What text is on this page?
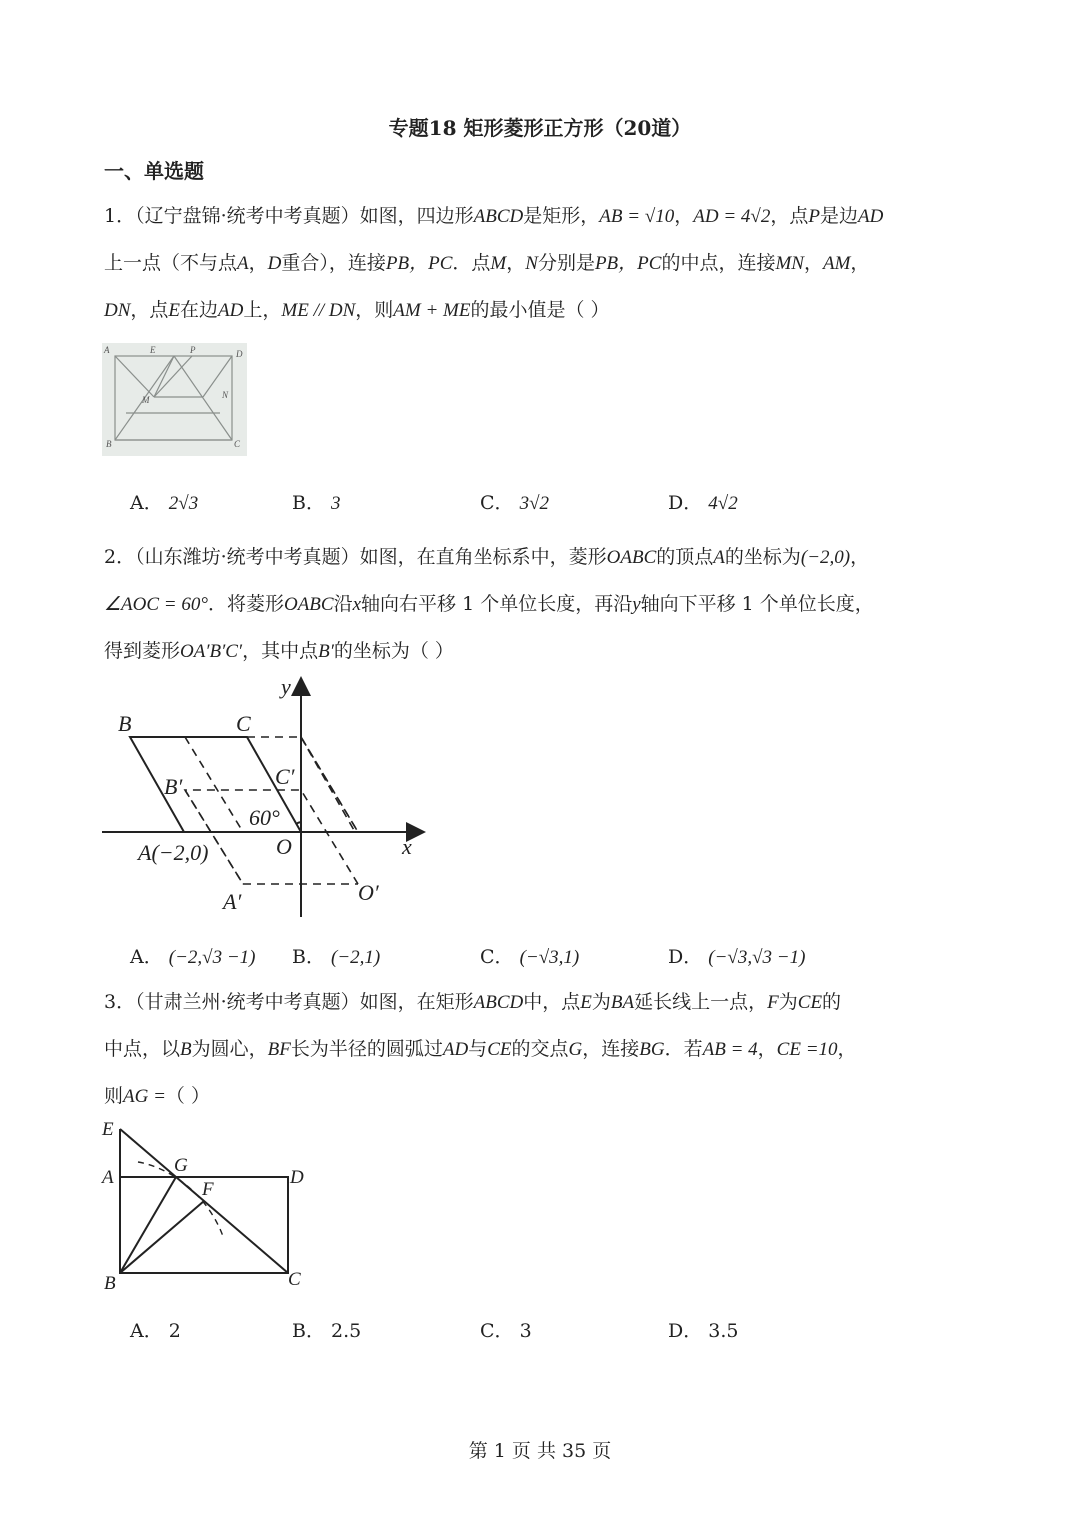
专题18 矩形菱形正方形（20道）
一、单选题
1．（辽宁盘锦·统考中考真题）如图，四边形ABCD是矩形，AB = √10，AD = 4√2，点P是边AD
上一点（不与点A，D重合），连接PB，PC．点M，N分别是PB，PC的中点，连接MN，AM，
DN，点E在边AD上，ME // DN，则AM + ME的最小值是（ ）
A	E	P	D
M	N
B	C
A． 2√3	B． 3	C． 3√2	D． 4√2
2．（山东潍坊·统考中考真题）如图，在直角坐标系中，菱形OABC的顶点A的坐标为(−2,0)，
∠AOC = 60°．将菱形OABC沿x轴向右平移 1 个单位长度，再沿y轴向下平移 1 个单位长度，
得到菱形OA′B′C′，其中点B′的坐标为（ ）
B	C
B′	C′
60°
A(−2,0)	O	x
y
A′	O′
A． (−2,√3 −1) B． (−2,1)	C． (−√3,1)	D． (−√3,√3 −1)
3．（甘肃兰州·统考中考真题）如图，在矩形ABCD中，点E为BA延长线上一点，F为CE的
中点，以B为圆心，BF长为半径的圆弧过AD与CE的交点G，连接BG．若AB = 4，CE =10，
则AG =（ ）
E
A
G
D
F
B	C
A． 2	B． 2.5	C． 3	D． 3.5
第 1 页 共 35 页
